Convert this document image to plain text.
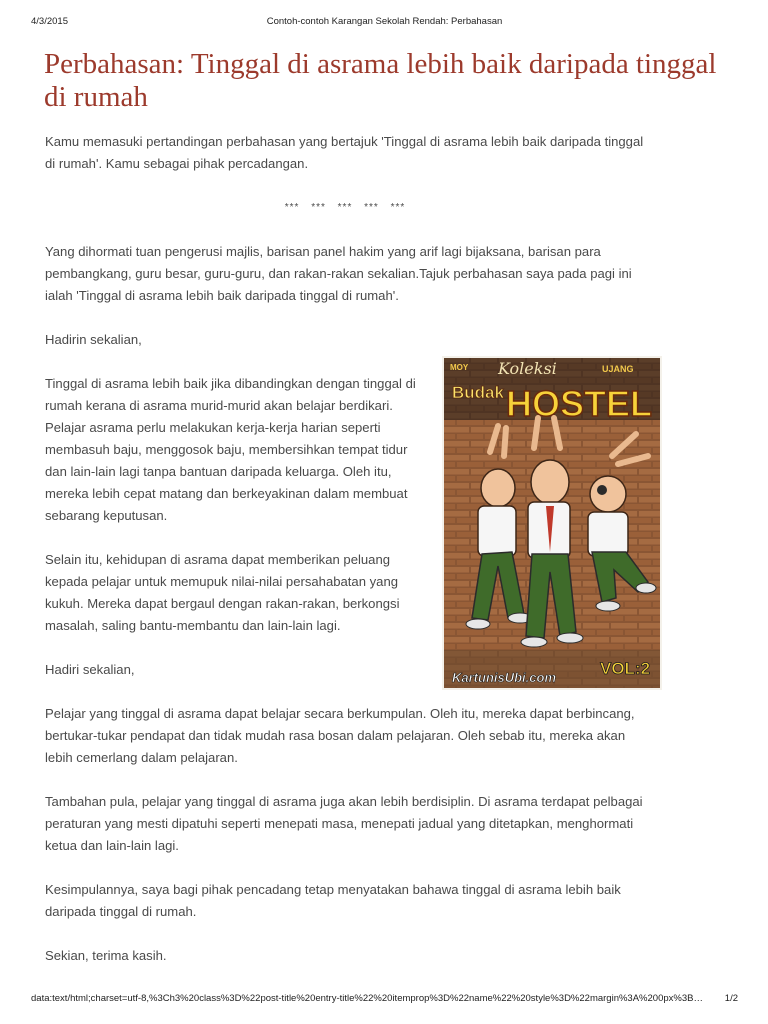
4/3/2015	Contoh-contoh Karangan Sekolah Rendah: Perbahasan
Perbahasan: Tinggal di asrama lebih baik daripada tinggal di rumah

Kamu memasuki pertandingan perbahasan yang bertajuk 'Tinggal di asrama lebih baik daripada tinggal di rumah'. Kamu sebagai pihak percadangan.

*** *** *** *** ***

Yang dihormati tuan pengerusi majlis, barisan panel hakim yang arif lagi bijaksana, barisan para pembangkang, guru besar, guru-guru, dan rakan-rakan sekalian.Tajuk perbahasan saya pada pagi ini ialah 'Tinggal di asrama lebih baik daripada tinggal di rumah'.

Hadirin sekalian,

MOY Koleksi	UJANG
Budak HOSTEL
KartunisUbi.com	VOL:2

Tinggal di asrama lebih baik jika dibandingkan dengan tinggal di rumah kerana di asrama murid-murid akan belajar berdikari. Pelajar asrama perlu melakukan kerja-kerja harian seperti membasuh baju, menggosok baju, membersihkan tempat tidur dan lain-lain lagi tanpa bantuan daripada keluarga. Oleh itu, mereka lebih cepat matang dan berkeyakinan dalam membuat sebarang keputusan.

Selain itu, kehidupan di asrama dapat memberikan peluang kepada pelajar untuk memupuk nilai-nilai persahabatan yang kukuh. Mereka dapat bergaul dengan rakan-rakan, berkongsi masalah, saling bantu-membantu dan lain-lain lagi.

Hadiri sekalian,

Pelajar yang tinggal di asrama dapat belajar secara berkumpulan. Oleh itu, mereka dapat berbincang, bertukar-tukar pendapat dan tidak mudah rasa bosan dalam pelajaran. Oleh sebab itu, mereka akan lebih cemerlang dalam pelajaran.

Tambahan pula, pelajar yang tinggal di asrama juga akan lebih berdisiplin. Di asrama terdapat pelbagai peraturan yang mesti dipatuhi seperti menepati masa, menepati jadual yang ditetapkan, menghormati ketua dan lain-lain lagi.

Kesimpulannya, saya bagi pihak pencadang tetap menyatakan bahawa tinggal di asrama lebih baik daripada tinggal di rumah.

Sekian, terima kasih.

data:text/html;charset=utf-8,%3Ch3%20class%3D%22post-title%20entry-title%22%20itemprop%3D%22name%22%20style%3D%22margin%3A%200px%3B%…	1/2
